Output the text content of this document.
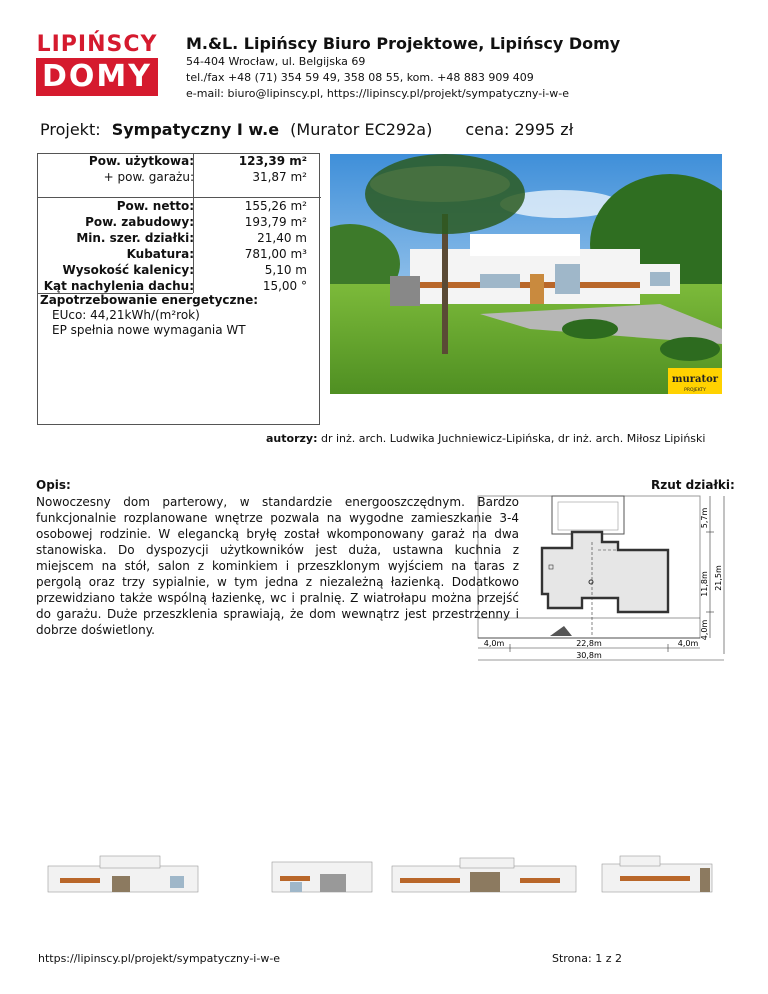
LIPIŃSCY
DOMY
M.&L. Lipińscy Biuro Projektowe, Lipińscy Domy
54-404 Wrocław, ul. Belgijska 69
tel./fax +48 (71) 354 59 49, 358 08 55, kom. +48 883 909 409
e-mail: biuro@lipinscy.pl, https://lipinscy.pl/projekt/sympatyczny-i-w-e
Projekt: Sympatyczny I w.e (Murator EC292a) cena: 2995 zł
Pow. użytkowa:	123,39 m²
+ pow. garażu:	31,87 m²
Pow. netto:	155,26 m²
Pow. zabudowy:	193,79 m²
Min. szer. działki:	21,40 m
Kubatura:	781,00 m³
Wysokość kalenicy:	5,10 m
Kąt nachylenia dachu:	15,00 °
Zapotrzebowanie energetyczne:
EUco: 44,21kWh/(m²rok)
EP spełnia nowe wymagania WT
murator
PROJEKTY
autorzy: dr inż. arch. Ludwika Juchniewicz-Lipińska, dr inż. arch. Miłosz Lipiński
Opis:
Nowoczesny dom parterowy, w standardzie energooszczędnym. Bardzo funkcjonalnie rozplanowane wnętrze pozwala na wygodne zamieszkanie 3-4 osobowej rodzinie. W elegancką bryłę został wkomponowany garaż na dwa stanowiska. Do dyspozycji użytkowników jest duża, ustawna kuchnia z miejscem na stół, salon z kominkiem i przeszklonym wyjściem na taras z pergolą oraz trzy sypialnie, w tym jedna z niezależną łazienką. Dodatkowo przewidziano także wspólną łazienkę, wc i pralnię. Z wiatrołapu można przejść do garażu. Duże przeszklenia sprawiają, że dom wewnątrz jest przestrzenny i dobrze doświetlony.
Rzut działki:
5,7m
11,8m
4,0m
21,5m
4,0m	22,8m	4,0m
30,8m
https://lipinscy.pl/projekt/sympatyczny-i-w-e	Strona: 1 z 2
